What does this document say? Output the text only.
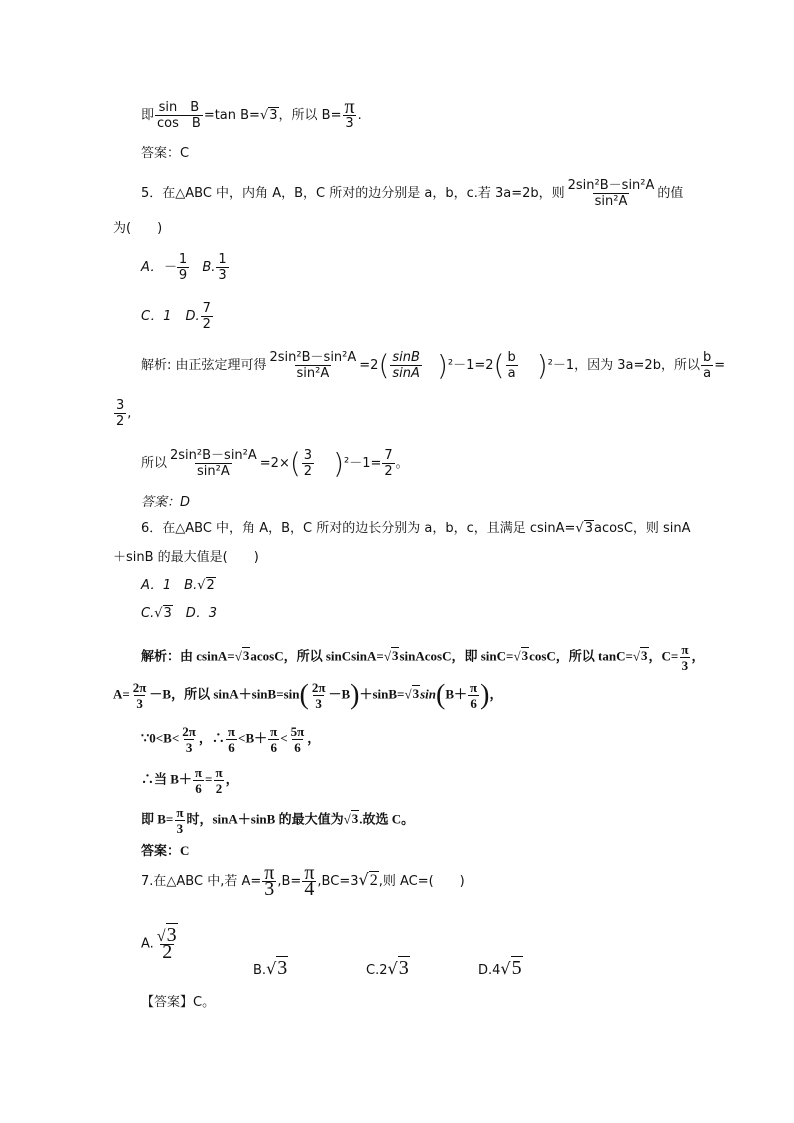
即 $\frac{\text{sin　B}}{\text{cos　B}} =\tan$ B=√3，所以 $B= \frac{\pi}{3}$ .
答案：C
5．在△ABC 中，内角 A，B，C 所对的边分别是 a，b，c.若 3a=2b，则 $\frac{\text{2sin²B－sin²A}}{\text{sin²A}}$ 的值
为(　　)
A．－ $\frac{1}{9} B$. $\frac{1}{3}$
C．1 D. $\frac{7}{2}$
解析: 由正弦定理可得 $\frac{\text{2sin²B－sin²A}}{\text{sin²A}} =2( \frac{\sin B}{\sin A} )^2-1=2( \frac{b}{a} )^2-1$，因为 3a=2b，所以 $\frac{b}{a}$ =
$\frac{3}{2}$ ,
所以 $\frac{\text{2sin²B－sin²A}}{\text{sin²A}} =2\times( \frac{3}{2} )^2-1= \frac{7}{2}$ 。
答案：D
6．在△ABC 中，角 A，B，C 所对的边长分别为 a，b，c，且满足 csinA=√3acosC，则 sinA
＋sinB 的最大值是(　　)
A．1　B.√2
C.√3　D．3
解析：由 csinA=√3acosC，所以 sinCsinA=√3sinAcosC，即 sinC=√3cosC，所以 tanC=√3，$C= \frac{\pi}{3}$ ，
$A= \frac{2\pi}{3} -B$，所以 $\sin A+\sin B=\sin( \frac{2\pi}{3} -B)+\sin B=√3\sin(B+ \frac{\pi}{6}$ )，
∵0<B< $\frac{2\pi}{3}$ ，∴ $\frac{\pi}{6} <B+ \frac{\pi}{6} < \frac{5\pi}{6}$ ，
∴当 $B+ \frac{\pi}{6} = \frac{\pi}{2}$ ，
即 $B= \frac{\pi}{3}$ 时，sinA＋sinB 的最大值为√3.故选 C。
答案：C
7.在△ABC 中,若 $A= \frac{\pi}{3} ,B= \frac{\pi}{4} ,BC=3√2$,则 AC=(　　)
A. $\frac{√3}{2}$
B.√3	C.2√3	D.4√5
【答案】C。
